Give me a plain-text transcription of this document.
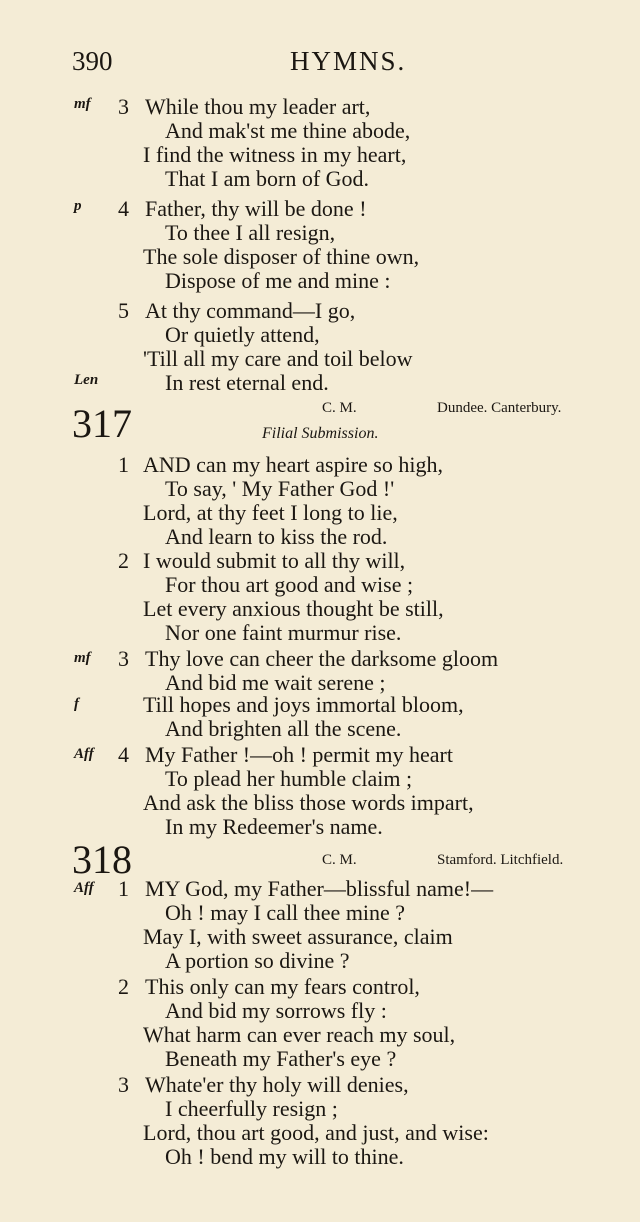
390	HYMNS.
mf 3 While thou my leader art,
And mak'st me thine abode,
I find the witness in my heart,
That I am born of God.
p 4 Father, thy will be done !
To thee I all resign,
The sole disposer of thine own,
Dispose of me and mine :
5 At thy command—I go,
Or quietly attend,
'Till all my care and toil below
Len	In rest eternal end.
317	C. M.	Dundee. Canterbury.
Filial Submission.
1 AND can my heart aspire so high,
To say, ' My Father God !'
Lord, at thy feet I long to lie,
And learn to kiss the rod.
2 I would submit to all thy will,
For thou art good and wise ;
Let every anxious thought be still,
Nor one faint murmur rise.
mf 3 Thy love can cheer the darksome gloom
And bid me wait serene ;
f	Till hopes and joys immortal bloom,
And brighten all the scene.
Aff 4 My Father !—oh ! permit my heart
To plead her humble claim ;
And ask the bliss those words impart,
In my Redeemer's name.
318	C. M.	Stamford. Litchfield.
Aff 1 MY God, my Father—blissful name!—
Oh ! may I call thee mine ?
May I, with sweet assurance, claim
A portion so divine ?
2 This only can my fears control,
And bid my sorrows fly :
What harm can ever reach my soul,
Beneath my Father's eye ?
3 Whate'er thy holy will denies,
I cheerfully resign ;
Lord, thou art good, and just, and wise:
Oh ! bend my will to thine.
